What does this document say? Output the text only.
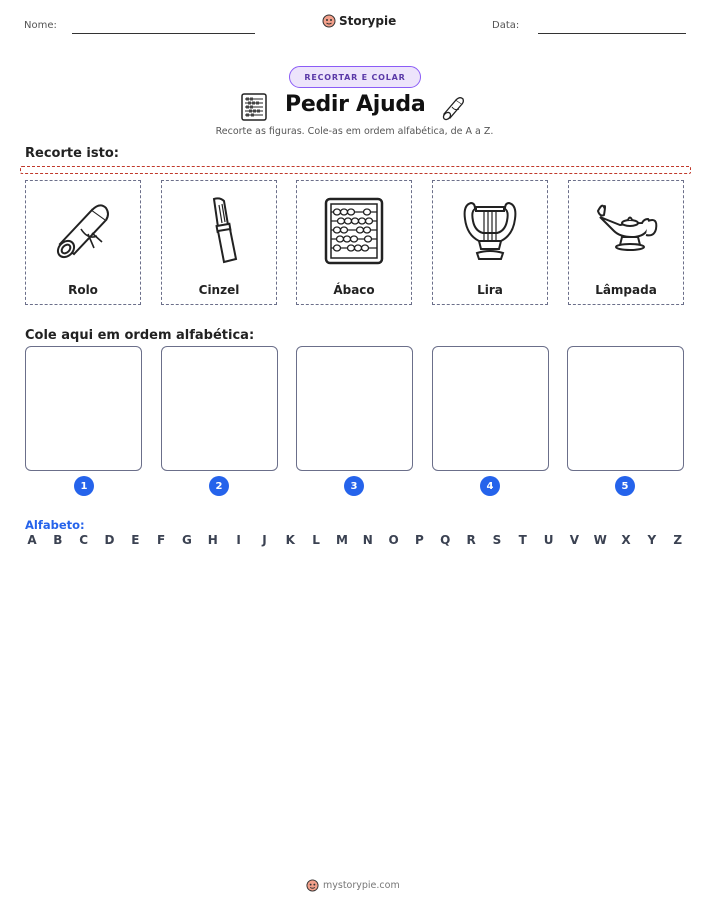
Nome:	Storypie	Data:
RECORTAR E COLAR
Pedir Ajuda
Recorte as figuras. Cole-as em ordem alfabética, de A a Z.
Recorte isto:
Rolo	Cinzel	Ábaco	Lira	Lâmpada
Cole aqui em ordem alfabética:
1	2	3	4	5
Alfabeto:
A B C D E F G H	I	J	K L M N O P Q R S T U V W X Y Z
mystorypie.com
